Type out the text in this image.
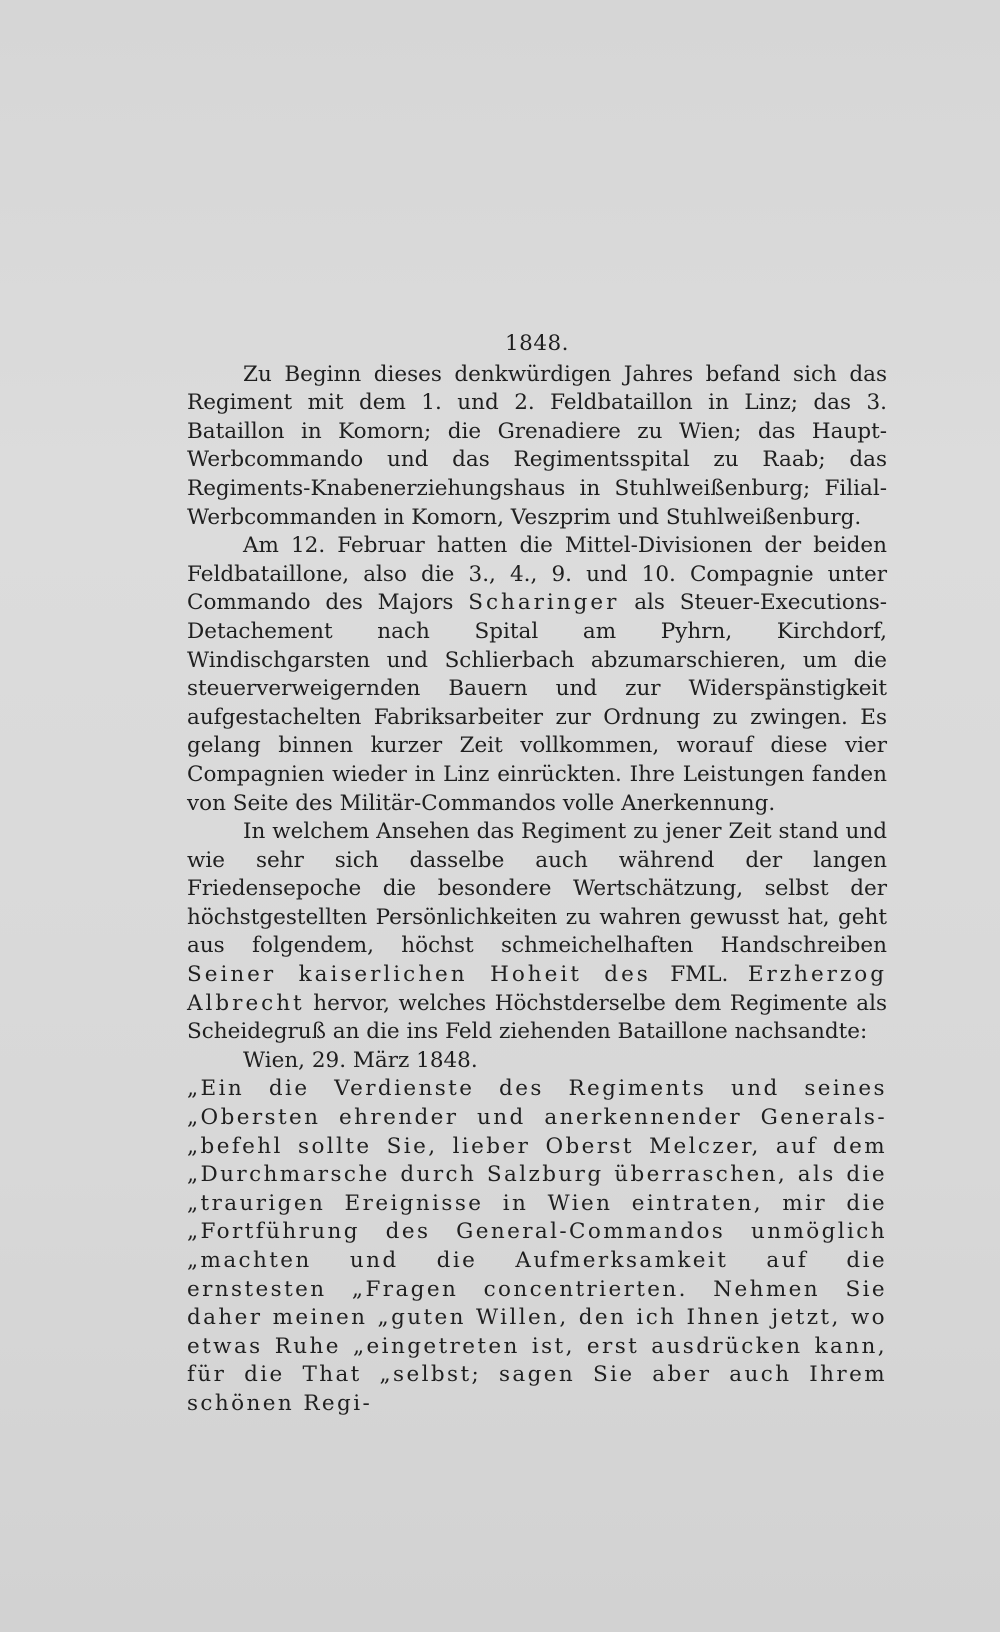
1848.

Zu Beginn dieses denkwürdigen Jahres befand sich das Regiment mit dem 1. und 2. Feldbataillon in Linz; das 3. Bataillon in Komorn; die Grenadiere zu Wien; das Haupt-Werbcommando und das Regimentsspital zu Raab; das Regiments-Knabenerziehungshaus in Stuhlweißenburg; Filial-Werbcommanden in Komorn, Veszprim und Stuhlweißenburg.

Am 12. Februar hatten die Mittel-Divisionen der beiden Feldbataillone, also die 3., 4., 9. und 10. Compagnie unter Commando des Majors Scharinger als Steuer-Executions-Detachement nach Spital am Pyhrn, Kirchdorf, Windischgarsten und Schlierbach abzumarschieren, um die steuerverweigernden Bauern und zur Widerspänstigkeit aufgestachelten Fabriksarbeiter zur Ordnung zu zwingen. Es gelang binnen kurzer Zeit vollkommen, worauf diese vier Compagnien wieder in Linz einrückten. Ihre Leistungen fanden von Seite des Militär-Commandos volle Anerkennung.

In welchem Ansehen das Regiment zu jener Zeit stand und wie sehr sich dasselbe auch während der langen Friedensepoche die besondere Wertschätzung, selbst der höchstgestellten Persönlichkeiten zu wahren gewusst hat, geht aus folgendem, höchst schmeichelhaften Handschreiben Seiner kaiserlichen Hoheit des FML. Erzherzog Albrecht hervor, welches Höchstderselbe dem Regimente als Scheidegruß an die ins Feld ziehenden Bataillone nachsandte:

Wien, 29. März 1848.

„Ein die Verdienste des Regiments und seines „Obersten ehrender und anerkennender Generals-„befehl sollte Sie, lieber Oberst Melczer, auf dem „Durchmarsche durch Salzburg überraschen, als die „traurigen Ereignisse in Wien eintraten, mir die „Fortführung des General-Commandos unmöglich „machten und die Aufmerksamkeit auf die ernstesten „Fragen concentrierten. Nehmen Sie daher meinen „guten Willen, den ich Ihnen jetzt, wo etwas Ruhe „eingetreten ist, erst ausdrücken kann, für die That „selbst; sagen Sie aber auch Ihrem schönen Regi-
